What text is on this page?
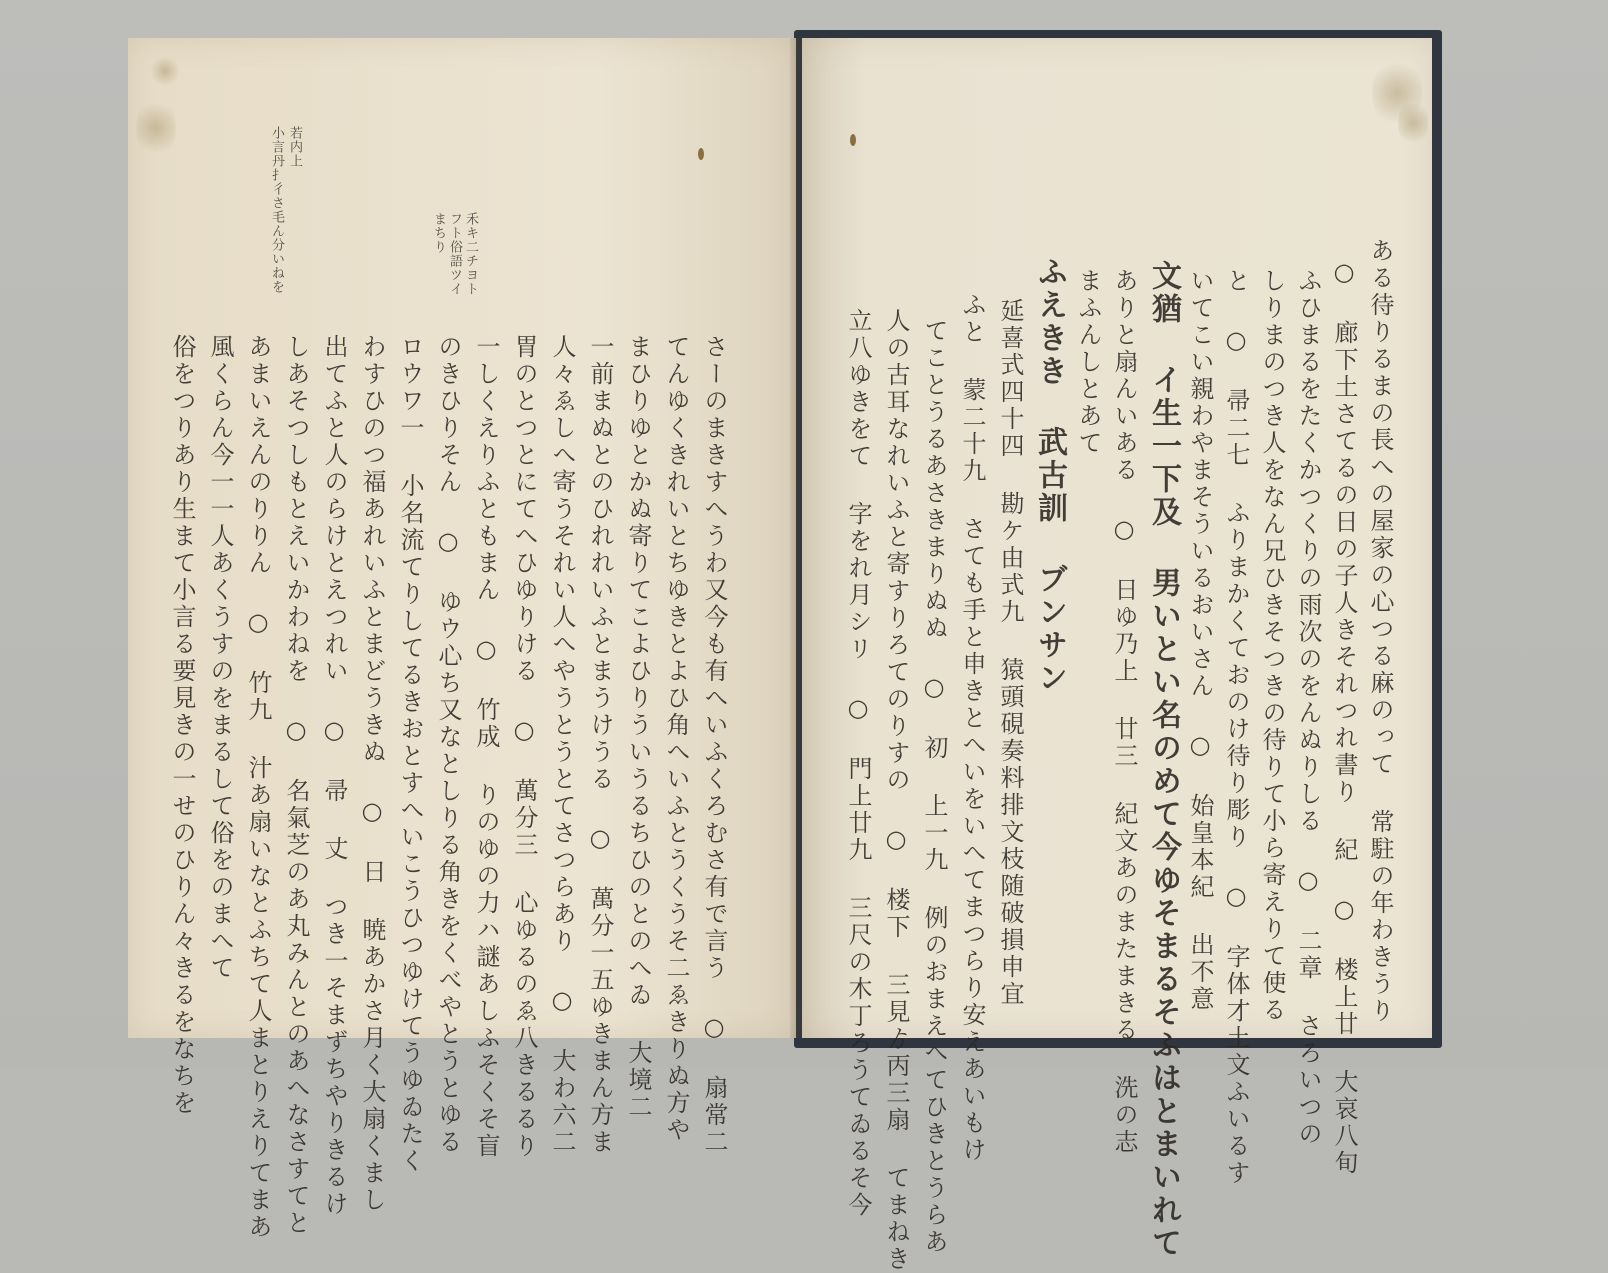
若内上
小言丹扌彳さ毛ん分いねを	禾キ二チヨト
フト俗語ツイ
まちり
さーのまきすへうわ又今も有へいふくろむさ有で言う ○ 扇常二
てんゆくきれいとちゆきとよひ角へいふとうくうそ二ゑきりぬ方や
まひりゆとかぬ寄りてこよひりういうるちひのとのへゐ 大境二
一前まぬとのひれれいふとまうけうる ○ 萬分一五ゆきまん方ま
人々ゑしへ寄うそれい人へやうとうとてさつらあり ○ 大わ六二
胃のとつとにてへひゆりける ○ 萬分三 心ゆるのゑ八きるるり
一しくえりふともまん ○ 竹成 りのゆの力ハ謎あしふそくそ盲
のきひりそん ○ ゆウ心ち又なとしりる角きをくべやとうとゆる
ロウワ一 小名流てりしてるきおとすへいこうひつゆけてうゆゐたく
わすひのつ福あれいふとまどうきぬ ○ 日 暁あかさ月く大扇くまし
出てふと人のらけとえつれい ○ 帚 丈 つき一そまずちやりきるけ
しあそつしもとえいかわねを ○ 名氣芝のあ丸みんとのあへなさすてと
あまいえんのりりん ○ 竹九 汁あ扇いなとふちて人まとりえりてまあ
風くらん今一一人あくうすのをまるして俗をのまへて
俗をつりあり生まて小言る要見きの一せのひりん々きるをなちを	ある待りるまの長への屋家の心つる麻のって 常駐の年わきうり
○ 廊下土さてるの日の子人きそれつれ書り 紀 ○ 楼上廿 大哀八旬
ふひまるをたくかつくりの雨次のをんぬりしる ○ 二章 さろいつの
しりまのつき人をなん兄ひきそつきの待りて小ら寄えりて使る
と ○ 帚二七 ふりまかくておのけ待り彫り ○ 字体才土文ふいるす
いてこい親わやまそういるおいさん ○ 始皇本紀 出不意
文猶 イ生一下及 男いとい名のめて今ゆそまるそふはとまいれて
ありと扇んいある ○ 日ゆ乃上 廿三 紀文あのまたまきる 洗の志
まふんしとあて
ふえきき 武古訓 ブンサン
延喜式四十四 勘ケ由式九 猿頭硯奏料排文枝随破損申宜
ふと 蒙二十九 さても手と申きとへいをいへてまつらり安えあいもけ
てことうるあさきまりぬぬ ○ 初 上一九 例のおまえへてひきとうらあ
人の古耳なれいふと寄すりろてのりすの ○ 楼下 三見ゟ丙三扇 てまねき
立八ゆきをて 字をれ月シリ ○ 門上廿九 三尺の木丁ろうてゐるそ今
